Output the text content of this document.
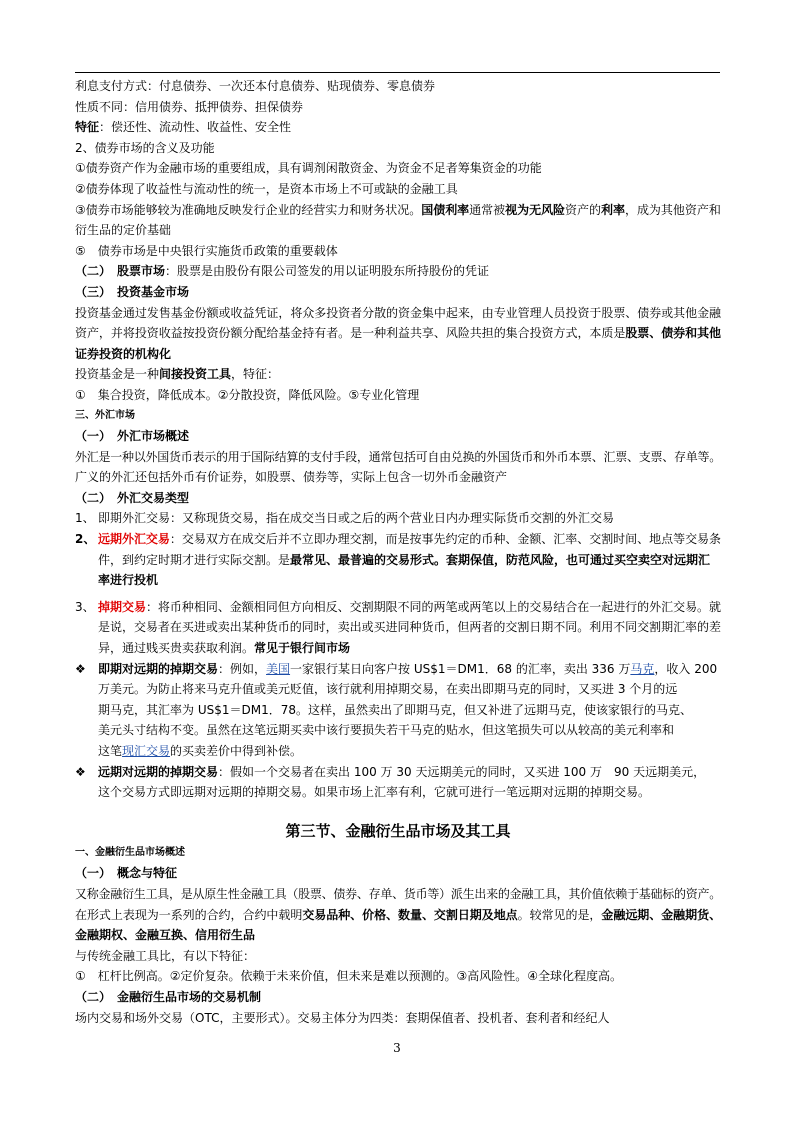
利息支付方式：付息债券、一次还本付息债券、贴现债券、零息债券

性质不同：信用债券、抵押债券、担保债券

特征：偿还性、流动性、收益性、安全性

2、债券市场的含义及功能

①债券资产作为金融市场的重要组成，具有调剂闲散资金、为资金不足者筹集资金的功能

②债券体现了收益性与流动性的统一，是资本市场上不可或缺的金融工具

③债券市场能够较为准确地反映发行企业的经营实力和财务状况。国债利率通常被视为无风险资产的利率，成为其他资产和

衍生品的定价基础

⑤　债券市场是中央银行实施货币政策的重要载体

（二）　股票市场：股票是由股份有限公司签发的用以证明股东所持股份的凭证

（三）　投资基金市场

投资基金通过发售基金份额或收益凭证，将众多投资者分散的资金集中起来，由专业管理人员投资于股票、债券或其他金融

资产，并将投资收益按投资份额分配给基金持有者。是一种利益共享、风险共担的集合投资方式，本质是股票、债券和其他

证券投资的机构化

投资基金是一种间接投资工具，特征：

①　集合投资，降低成本。②分散投资，降低风险。⑤专业化管理

三、外汇市场

（一）　外汇市场概述

外汇是一种以外国货币表示的用于国际结算的支付手段，通常包括可自由兑换的外国货币和外币本票、汇票、支票、存单等。

广义的外汇还包括外币有价证券，如股票、债券等，实际上包含一切外币金融资产

（二）　外汇交易类型

1、 即期外汇交易：又称现货交易，指在成交当日或之后的两个营业日内办理实际货币交割的外汇交易

2、 远期外汇交易：交易双方在成交后并不立即办理交割，而是按事先约定的币种、金额、汇率、交割时间、地点等交易条

件，到约定时期才进行实际交割。是最常见、最普遍的交易形式。套期保值，防范风险，也可通过买空卖空对远期汇

率进行投机

3、 掉期交易：将币种相同、金额相同但方向相反、交割期限不同的两笔或两笔以上的交易结合在一起进行的外汇交易。就

是说，交易者在买进或卖出某种货币的同时，卖出或买进同种货币，但两者的交割日期不同。利用不同交割期汇率的差

异，通过贱买贵卖获取利润。常见于银行间市场

❖ 即期对远期的掉期交易：例如，美国一家银行某日向客户按 US$1＝DM1．68 的汇率，卖出 336 万马克，收入 200

万美元。为防止将来马克升值或美元贬值，该行就利用掉期交易，在卖出即期马克的同时，又买进 3 个月的远

期马克，其汇率为 US$1＝DM1．78。这样，虽然卖出了即期马克，但又补进了远期马克，使该家银行的马克、

美元头寸结构不变。虽然在这笔远期买卖中该行要损失若干马克的贴水，但这笔损失可以从较高的美元利率和

这笔现汇交易的买卖差价中得到补偿。

❖ 远期对远期的掉期交易：假如一个交易者在卖出 100 万 30 天远期美元的同时，又买进 100 万　90 天远期美元，

这个交易方式即远期对远期的掉期交易。如果市场上汇率有利，它就可进行一笔远期对远期的掉期交易。

第三节、金融衍生品市场及其工具

一、金融衍生品市场概述

（一）　概念与特征

又称金融衍生工具，是从原生性金融工具（股票、债券、存单、货币等）派生出来的金融工具，其价值依赖于基础标的资产。

在形式上表现为一系列的合约，合约中载明交易品种、价格、数量、交割日期及地点。较常见的是，金融远期、金融期货、

金融期权、金融互换、信用衍生品

与传统金融工具比，有以下特征：

①　杠杆比例高。②定价复杂。依赖于未来价值，但未来是难以预测的。③高风险性。④全球化程度高。

（二）　金融衍生品市场的交易机制

场内交易和场外交易（OTC，主要形式）。交易主体分为四类：套期保值者、投机者、套利者和经纪人

3
